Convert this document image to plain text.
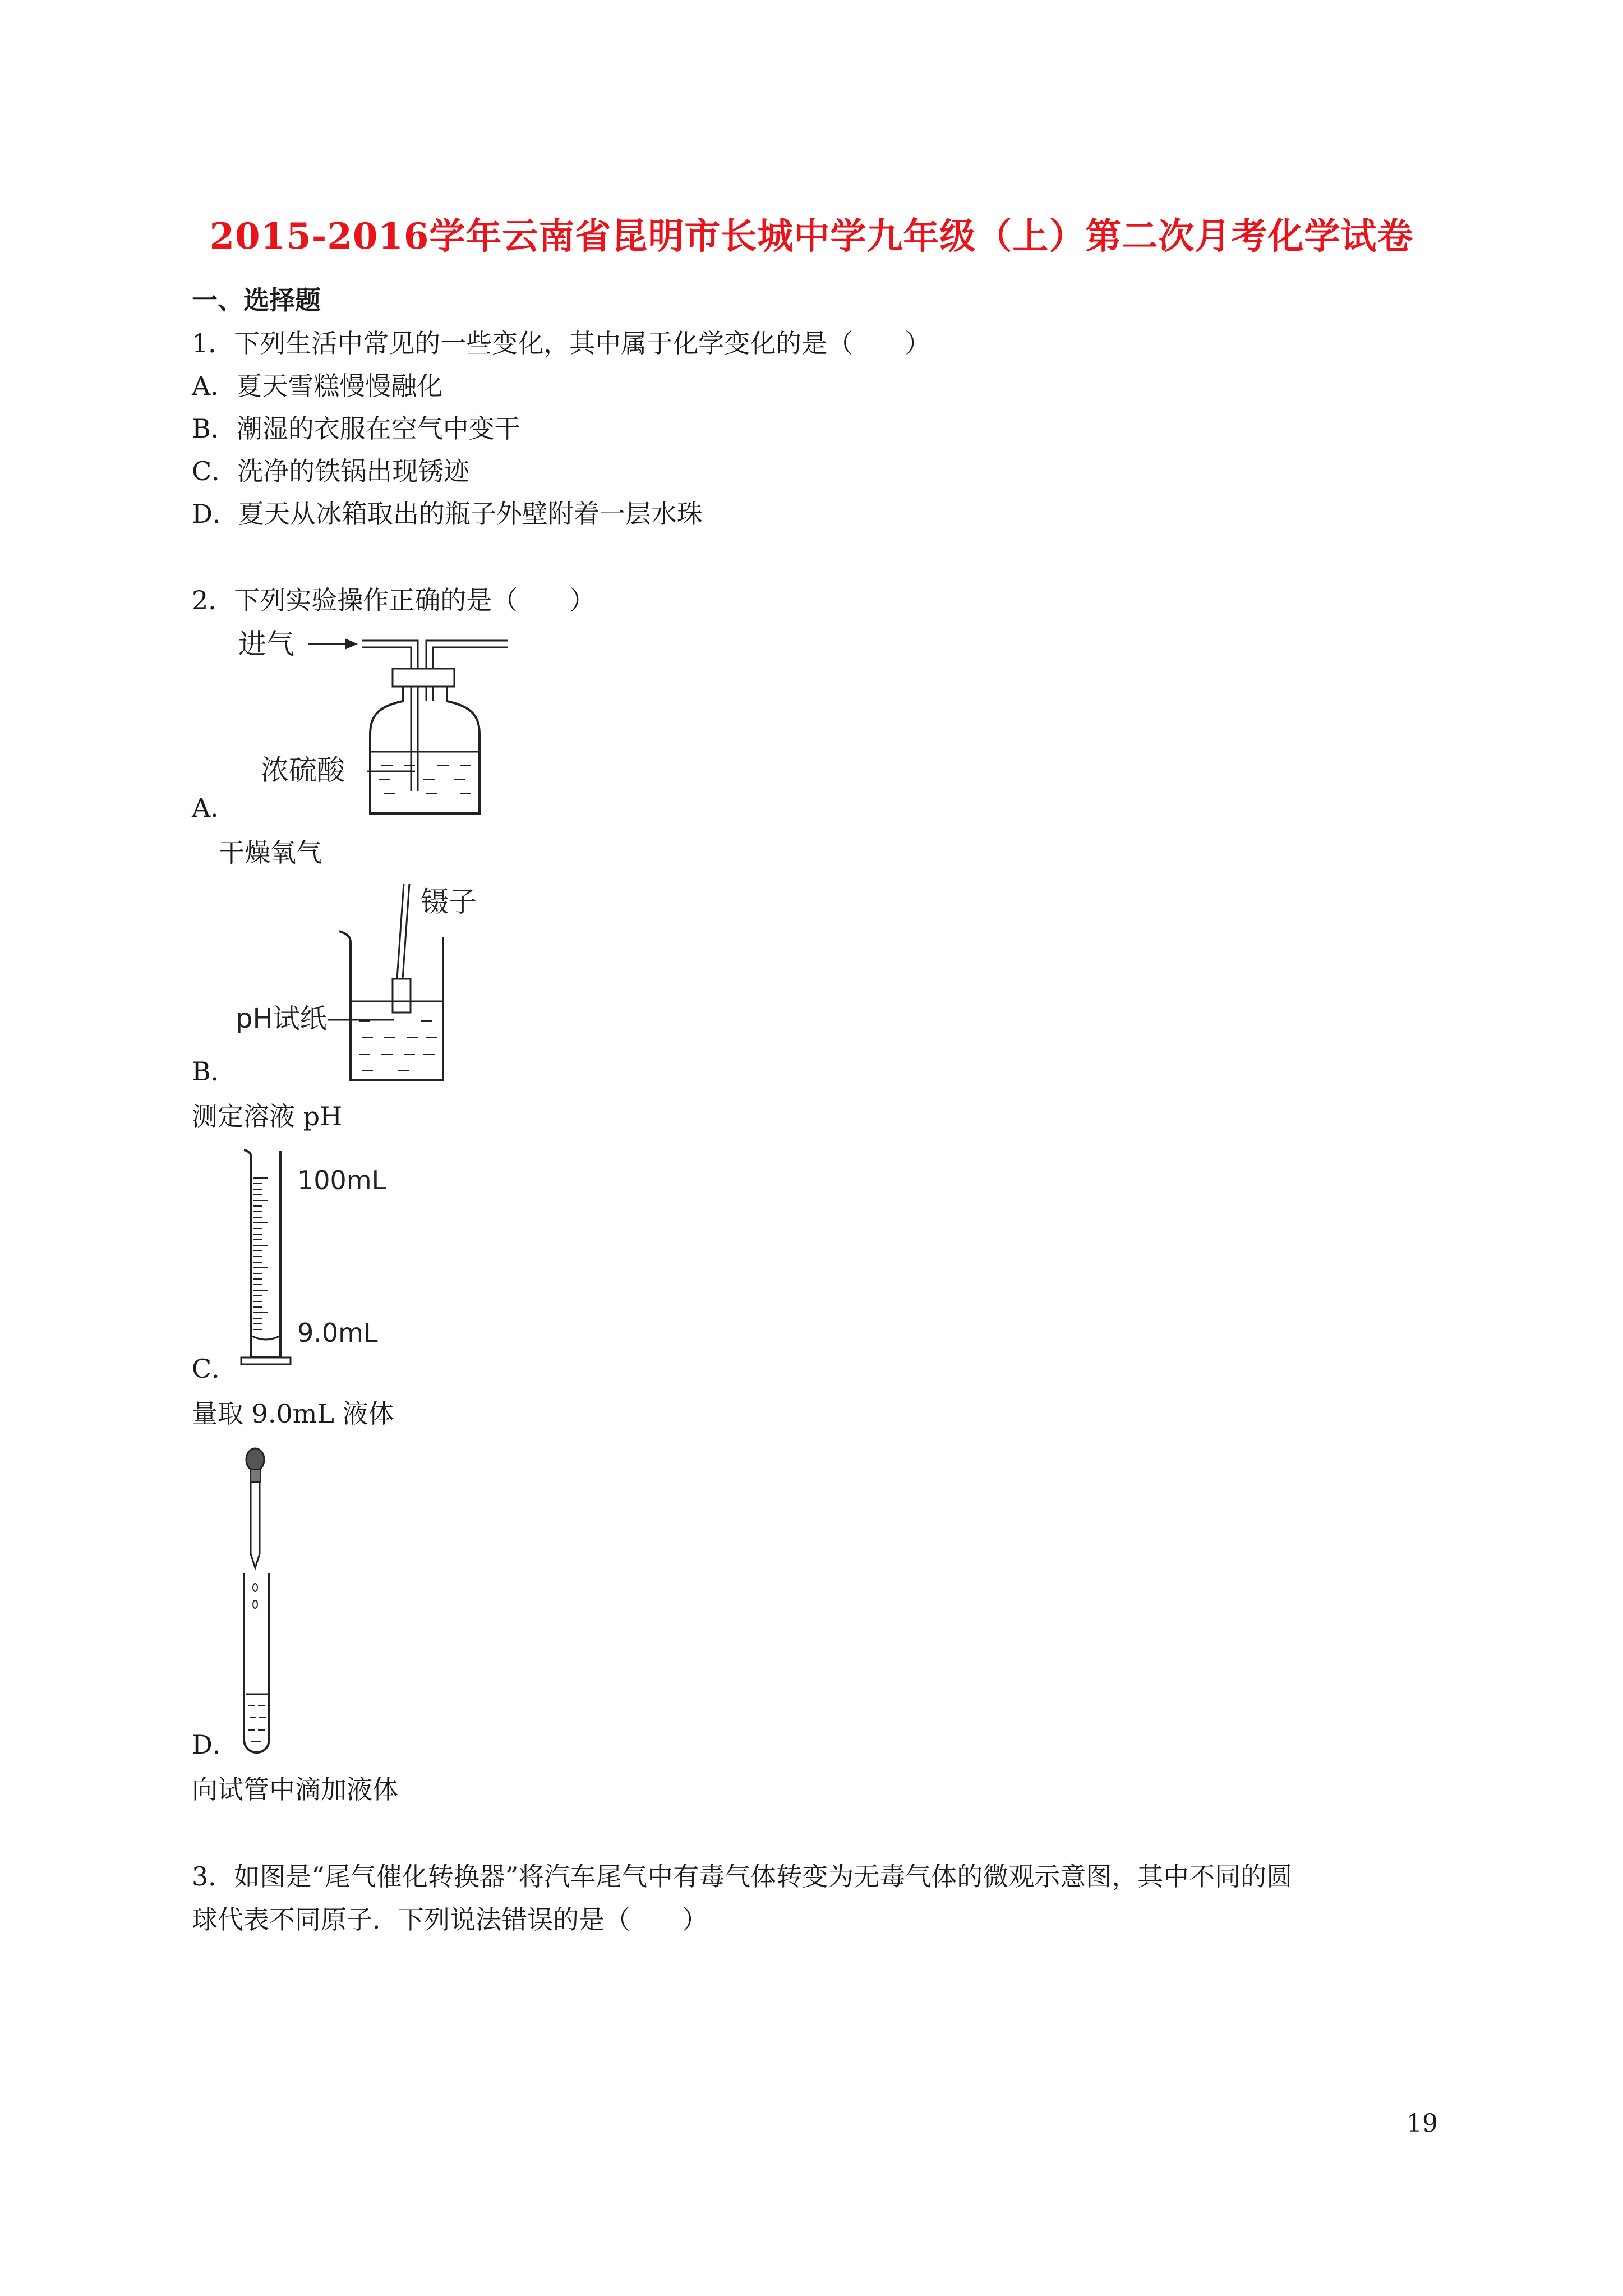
2015-2016学年云南省昆明市长城中学九年级（上）第二次月考化学试卷
一、选择题
1．下列生活中常见的一些变化，其中属于化学变化的是（　　）
A．夏天雪糕慢慢融化
B．潮湿的衣服在空气中变干
C．洗净的铁锅出现锈迹
D．夏天从冰箱取出的瓶子外壁附着一层水珠
2．下列实验操作正确的是（　　）
进气
浓硫酸
A．
干燥氧气
镊子
pH试纸
B．
测定溶液 pH
100mL
9.0mL
C．
量取 9.0mL 液体
D．
向试管中滴加液体
3．如图是“尾气催化转换器”将汽车尾气中有毒气体转变为无毒气体的微观示意图，其中不同的圆
球代表不同原子．下列说法错误的是（　　）
19
